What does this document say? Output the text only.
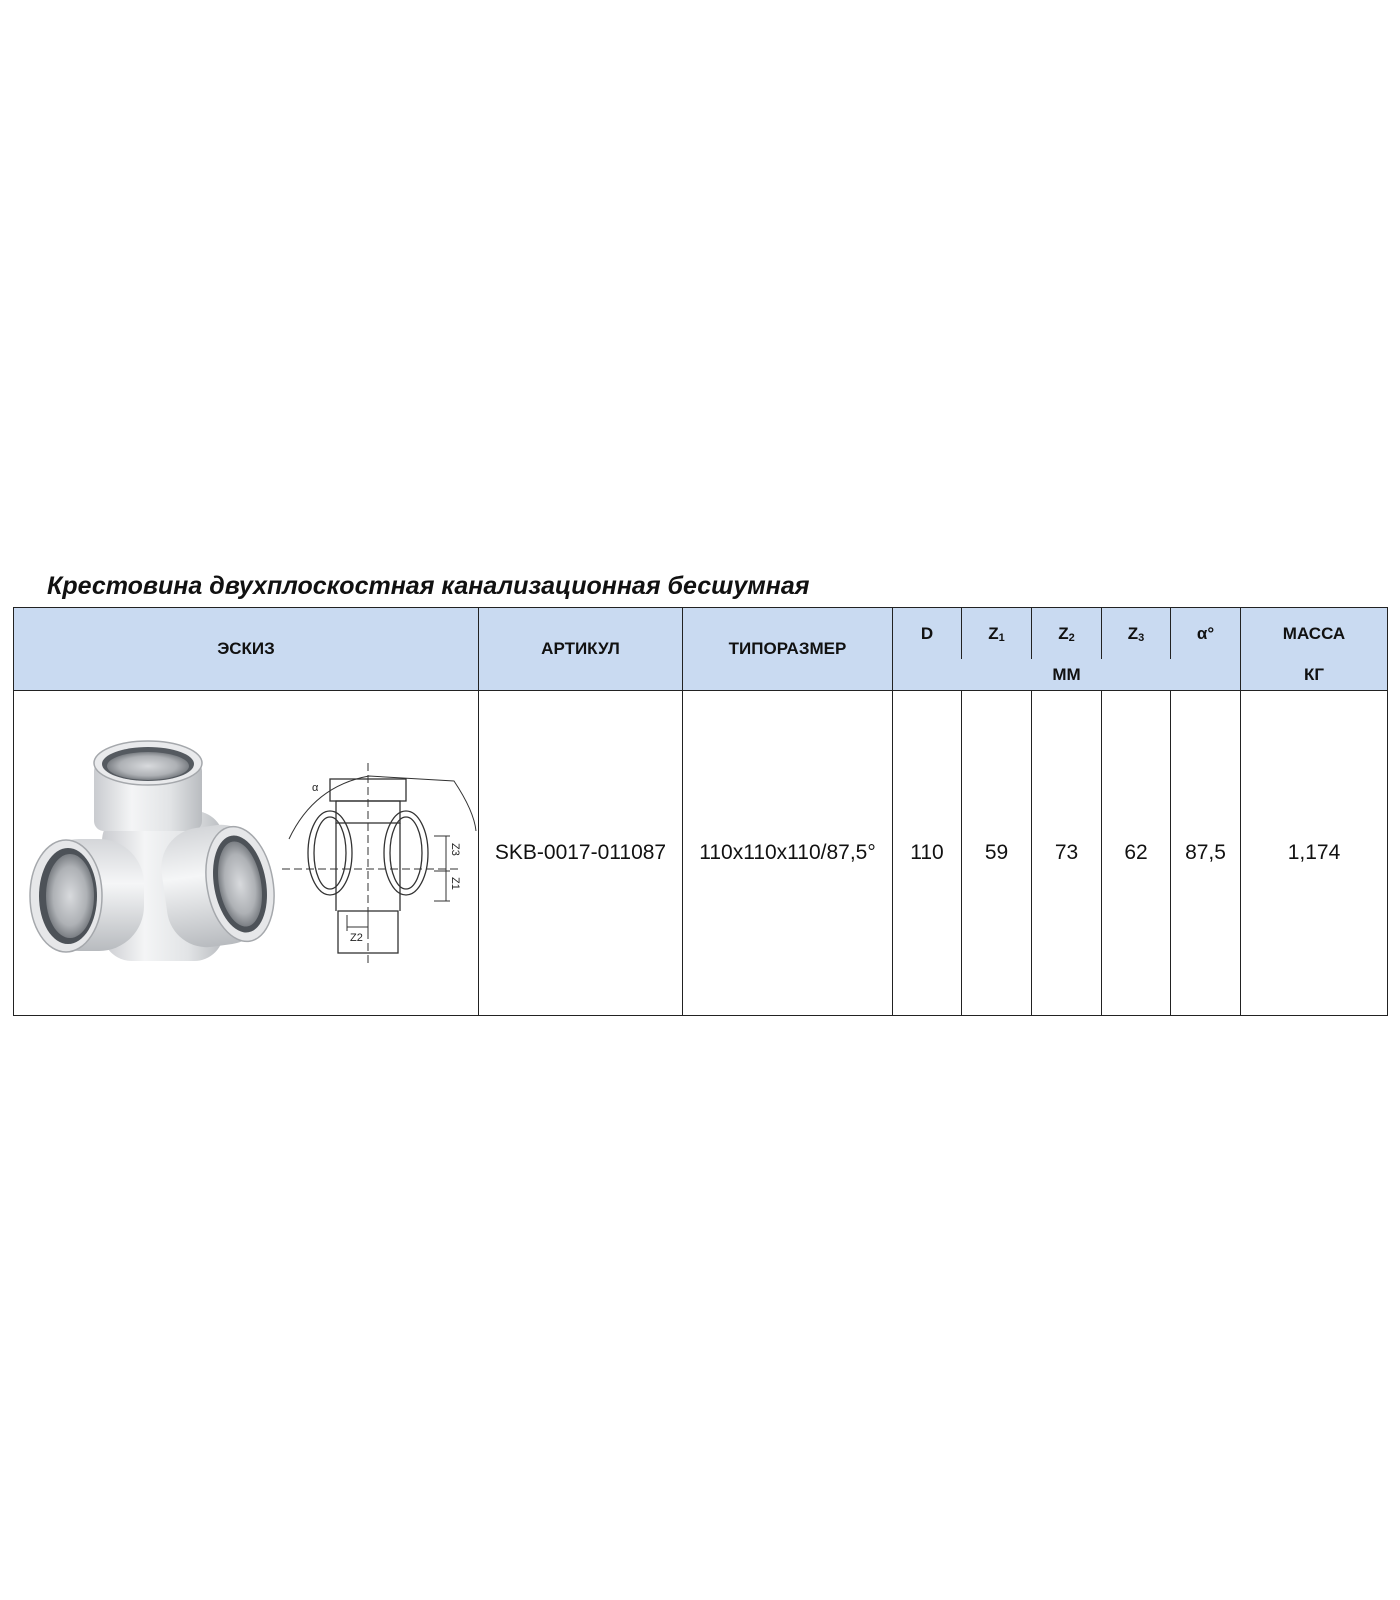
Крестовина двухплоскостная канализационная бесшумная
ЭСКИЗ	АРТИКУЛ	ТИПОРАЗМЕР	D	$Z_1$	$Z_2$	$Z_3$	α°	МАССА
			ММ					КГ

Z3
Z1
Z2
α	SKB-0017-011087	110х110х110/87,5°	110	59	73	62	87,5	1,174
